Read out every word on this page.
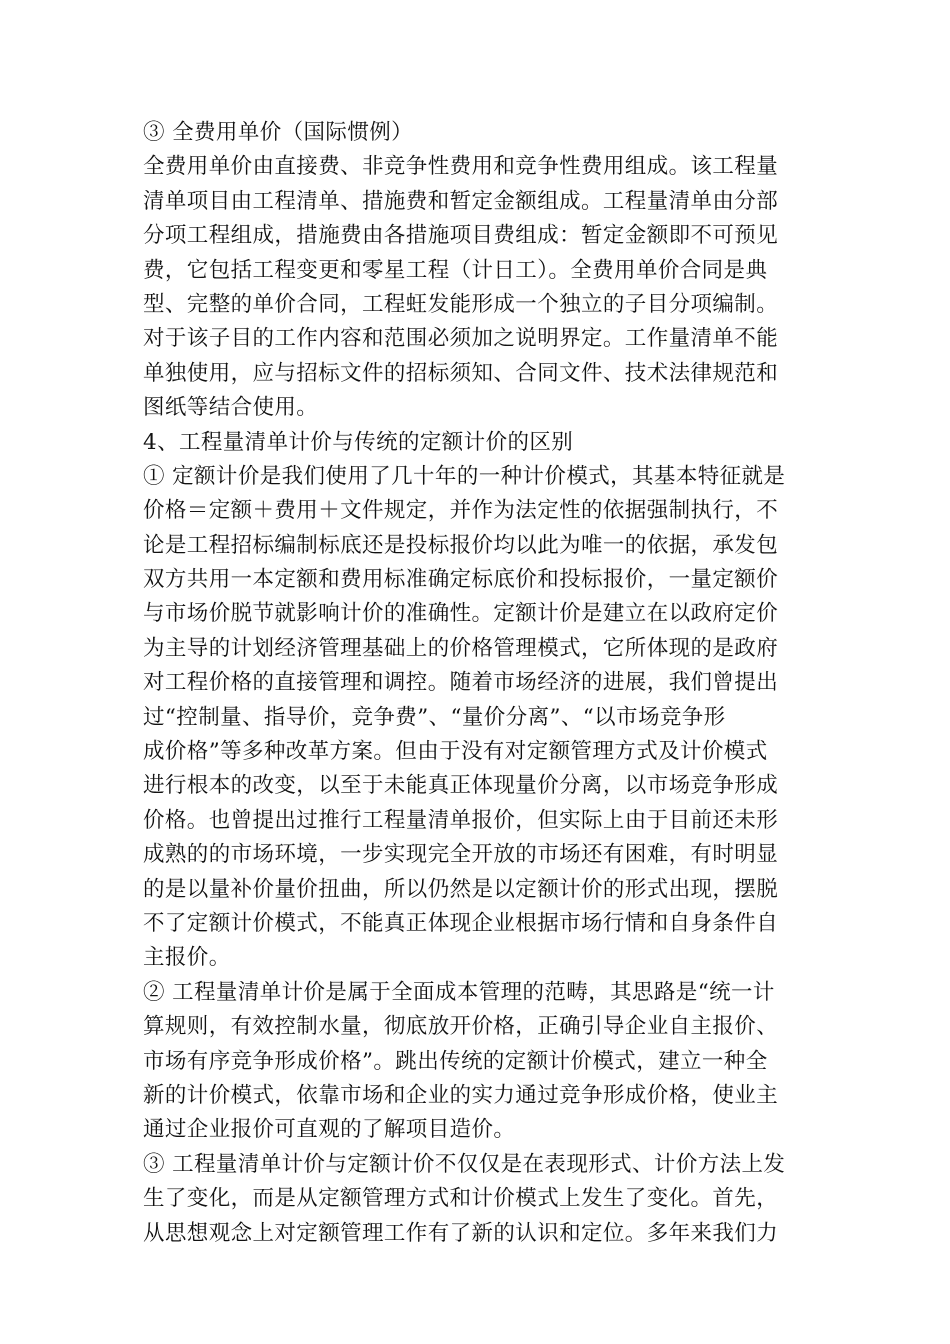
③ 全费用单价（国际惯例）
全费用单价由直接费、非竞争性费用和竞争性费用组成。该工程量
清单项目由工程清单、措施费和暂定金额组成。工程量清单由分部
分项工程组成，措施费由各措施项目费组成：暂定金额即不可预见
费，它包括工程变更和零星工程（计日工）。全费用单价合同是典
型、完整的单价合同，工程蚟发能形成一个独立的子目分项编制。
对于该子目的工作内容和范围必须加之说明界定。工作量清单不能
单独使用，应与招标文件的招标须知、合同文件、技术法律规范和
图纸等结合使用。
4、工程量清单计价与传统的定额计价的区别
① 定额计价是我们使用了几十年的一种计价模式，其基本特征就是
价格＝定额＋费用＋文件规定，并作为法定性的依据强制执行，不
论是工程招标编制标底还是投标报价均以此为唯一的依据，承发包
双方共用一本定额和费用标准确定标底价和投标报价，一量定额价
与市场价脱节就影响计价的准确性。定额计价是建立在以政府定价
为主导的计划经济管理基础上的价格管理模式，它所体现的是政府
对工程价格的直接管理和调控。随着市场经济的进展，我们曾提出
过“控制量、指导价，竞争费”、“量价分离”、“以市场竞争形
成价格”等多种改革方案。但由于没有对定额管理方式及计价模式
进行根本的改变，以至于未能真正体现量价分离，以市场竞争形成
价格。也曾提出过推行工程量清单报价，但实际上由于目前还未形
成熟的的市场环境，一步实现完全开放的市场还有困难，有时明显
的是以量补价量价扭曲，所以仍然是以定额计价的形式出现，摆脱
不了定额计价模式，不能真正体现企业根据市场行情和自身条件自
主报价。
② 工程量清单计价是属于全面成本管理的范畴，其思路是“统一计
算规则，有效控制水量，彻底放开价格，正确引导企业自主报价、
市场有序竞争形成价格”。跳出传统的定额计价模式，建立一种全
新的计价模式，依靠市场和企业的实力通过竞争形成价格，使业主
通过企业报价可直观的了解项目造价。
③ 工程量清单计价与定额计价不仅仅是在表现形式、计价方法上发
生了变化，而是从定额管理方式和计价模式上发生了变化。首先，
从思想观念上对定额管理工作有了新的认识和定位。多年来我们力
